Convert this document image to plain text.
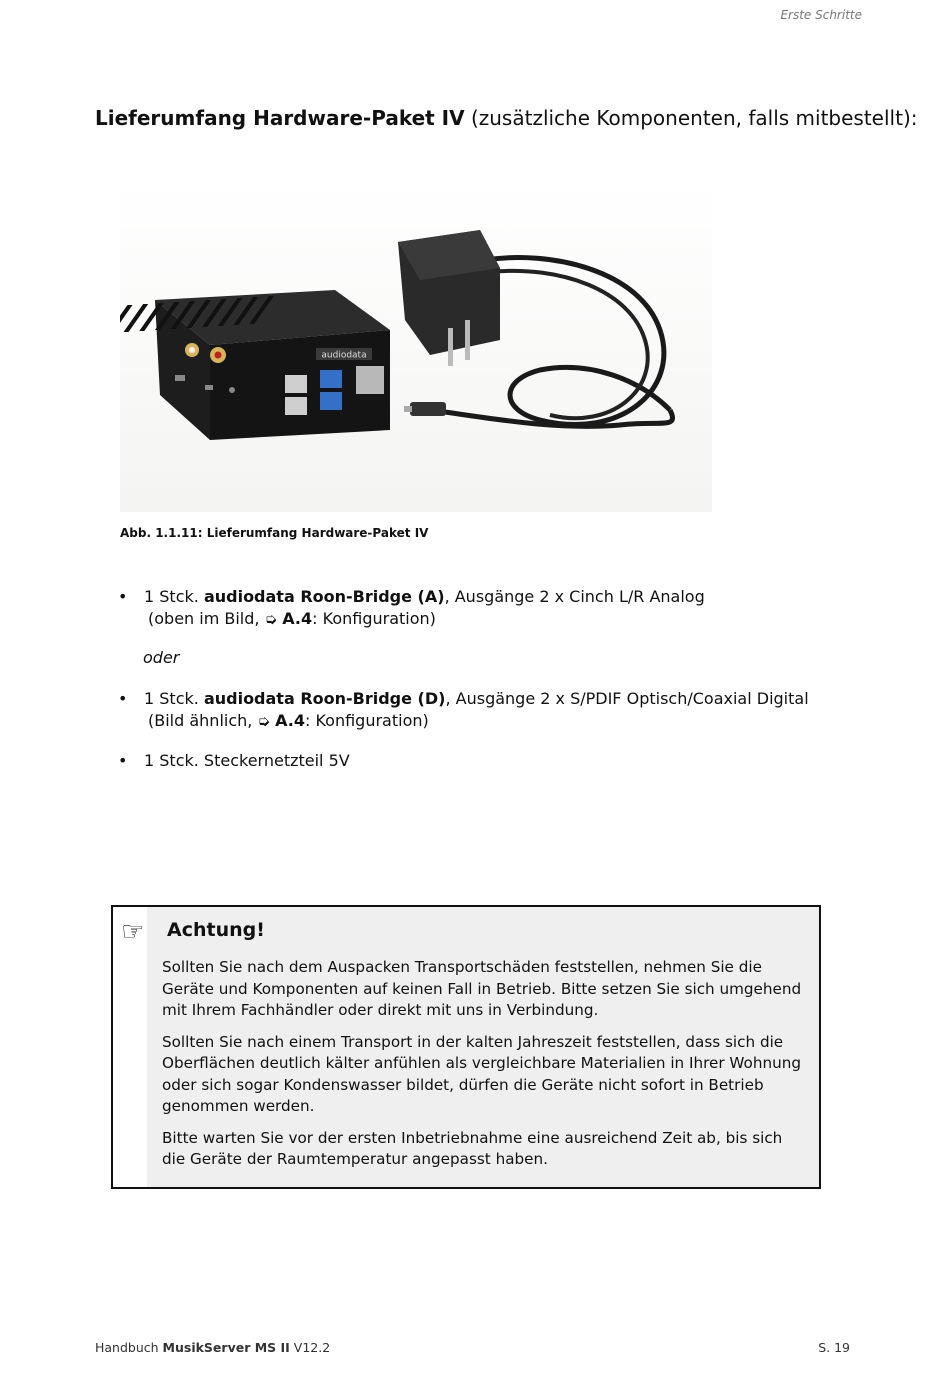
Erste Schritte
Lieferumfang Hardware-Paket IV (zusätzliche Komponenten, falls mitbestellt):
audiodata
Abb. 1.1.11: Lieferumfang Hardware-Paket IV
• 1 Stck. audiodata Roon-Bridge (A), Ausgänge 2 x Cinch L/R Analog
(oben im Bild, ➭ A.4: Konfiguration)
oder
• 1 Stck. audiodata Roon-Bridge (D), Ausgänge 2 x S/PDIF Optisch/Coaxial Digital
(Bild ähnlich, ➭ A.4: Konfiguration)
• 1 Stck. Steckernetzteil 5V
☞ Achtung!

Sollten Sie nach dem Auspacken Transportschäden feststellen, nehmen Sie die Geräte und Komponenten auf keinen Fall in Betrieb. Bitte setzen Sie sich umgehend mit Ihrem Fachhändler oder direkt mit uns in Verbindung.

Sollten Sie nach einem Transport in der kalten Jahreszeit feststellen, dass sich die Oberflächen deutlich kälter anfühlen als vergleichbare Materialien in Ihrer Wohnung oder sich sogar Kondenswasser bildet, dürfen die Geräte nicht sofort in Betrieb genommen werden.

Bitte warten Sie vor der ersten Inbetriebnahme eine ausreichend Zeit ab, bis sich die Geräte der Raumtemperatur angepasst haben.

Handbuch MusikServer MS II V12.2	S. 19
